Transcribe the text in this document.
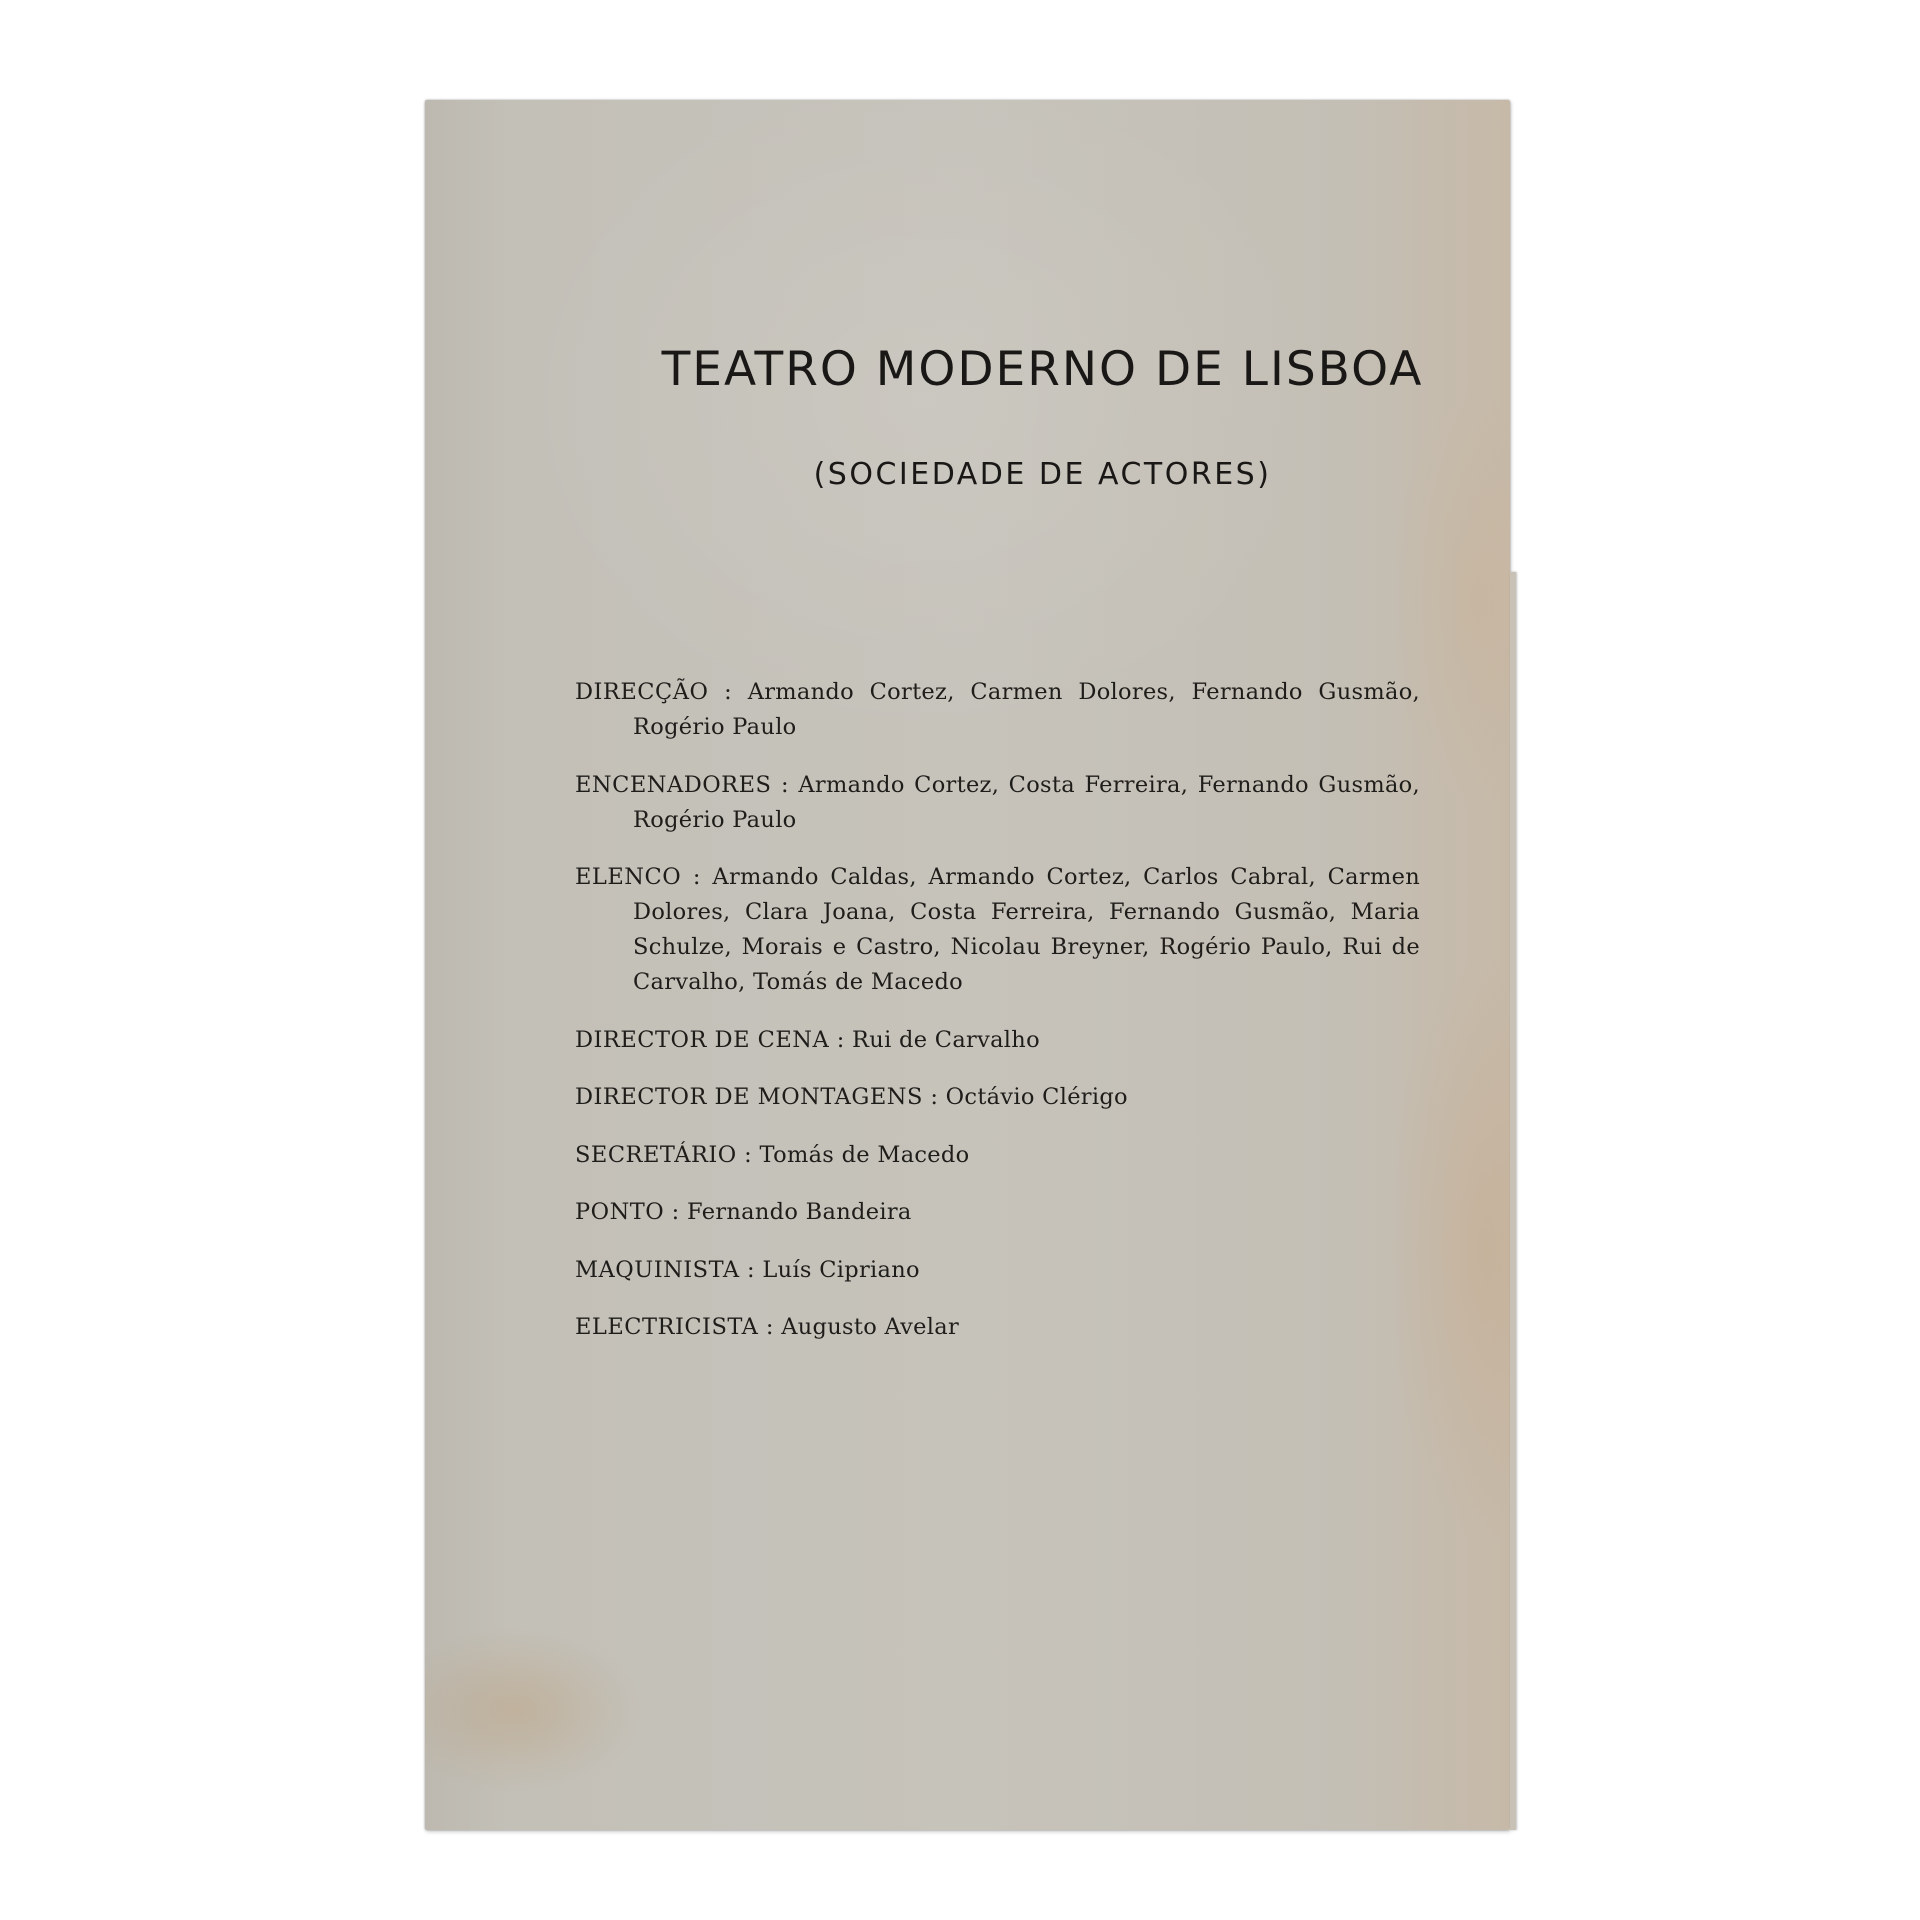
TEATRO MODERNO DE LISBOA
(SOCIEDADE DE ACTORES)

DIRECÇÃO : Armando Cortez, Carmen Dolores, Fernando Gusmão, Rogério Paulo

ENCENADORES : Armando Cortez, Costa Ferreira, Fernando Gusmão, Rogério Paulo

ELENCO : Armando Caldas, Armando Cortez, Carlos Cabral, Carmen Dolores, Clara Joana, Costa Ferreira, Fernando Gusmão, Maria Schulze, Morais e Castro, Nicolau Breyner, Rogério Paulo, Rui de Carvalho, Tomás de Macedo

DIRECTOR DE CENA : Rui de Carvalho

DIRECTOR DE MONTAGENS : Octávio Clérigo

SECRETÁRIO : Tomás de Macedo

PONTO : Fernando Bandeira

MAQUINISTA : Luís Cipriano

ELECTRICISTA : Augusto Avelar
